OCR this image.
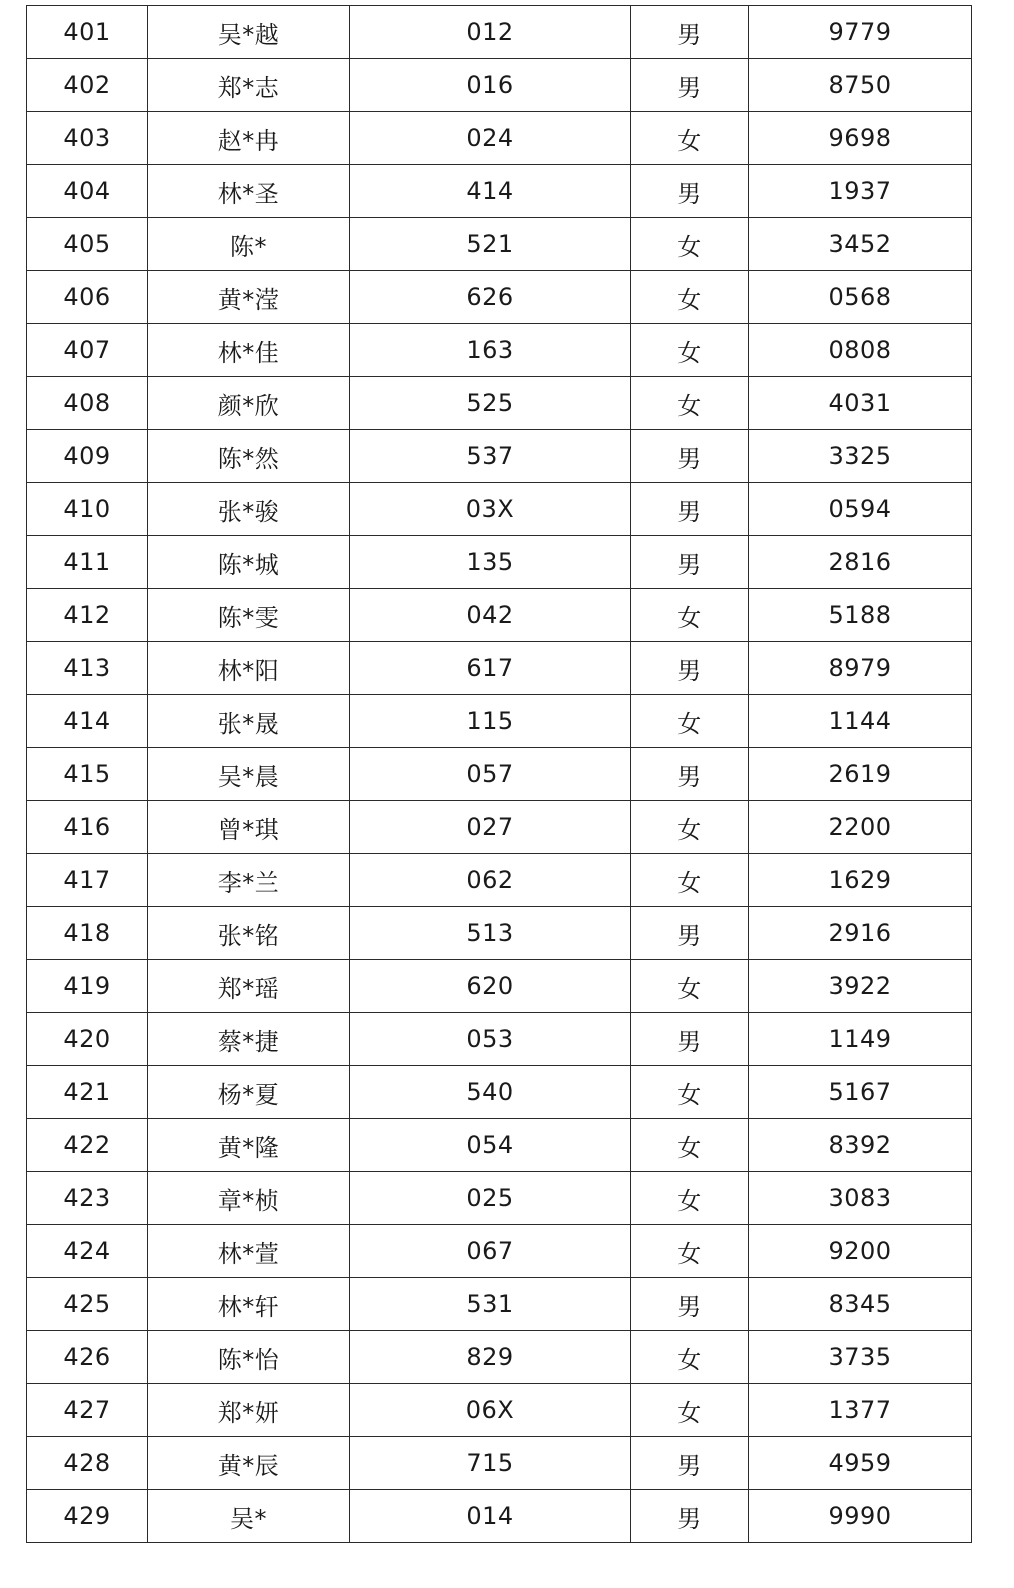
401	吴*越	012	男	9779
402	郑*志	016	男	8750
403	赵*冉	024	女	9698
404	林*圣	414	男	1937
405	陈*	521	女	3452
406	黄*滢	626	女	0568
407	林*佳	163	女	0808
408	颜*欣	525	女	4031
409	陈*然	537	男	3325
410	张*骏	03X	男	0594
411	陈*城	135	男	2816
412	陈*雯	042	女	5188
413	林*阳	617	男	8979
414	张*晟	115	女	1144
415	吴*晨	057	男	2619
416	曾*琪	027	女	2200
417	李*兰	062	女	1629
418	张*铭	513	男	2916
419	郑*瑶	620	女	3922
420	蔡*捷	053	男	1149
421	杨*夏	540	女	5167
422	黄*隆	054	女	8392
423	章*桢	025	女	3083
424	林*萱	067	女	9200
425	林*轩	531	男	8345
426	陈*怡	829	女	3735
427	郑*妍	06X	女	1377
428	黄*辰	715	男	4959
429	吴*	014	男	9990
